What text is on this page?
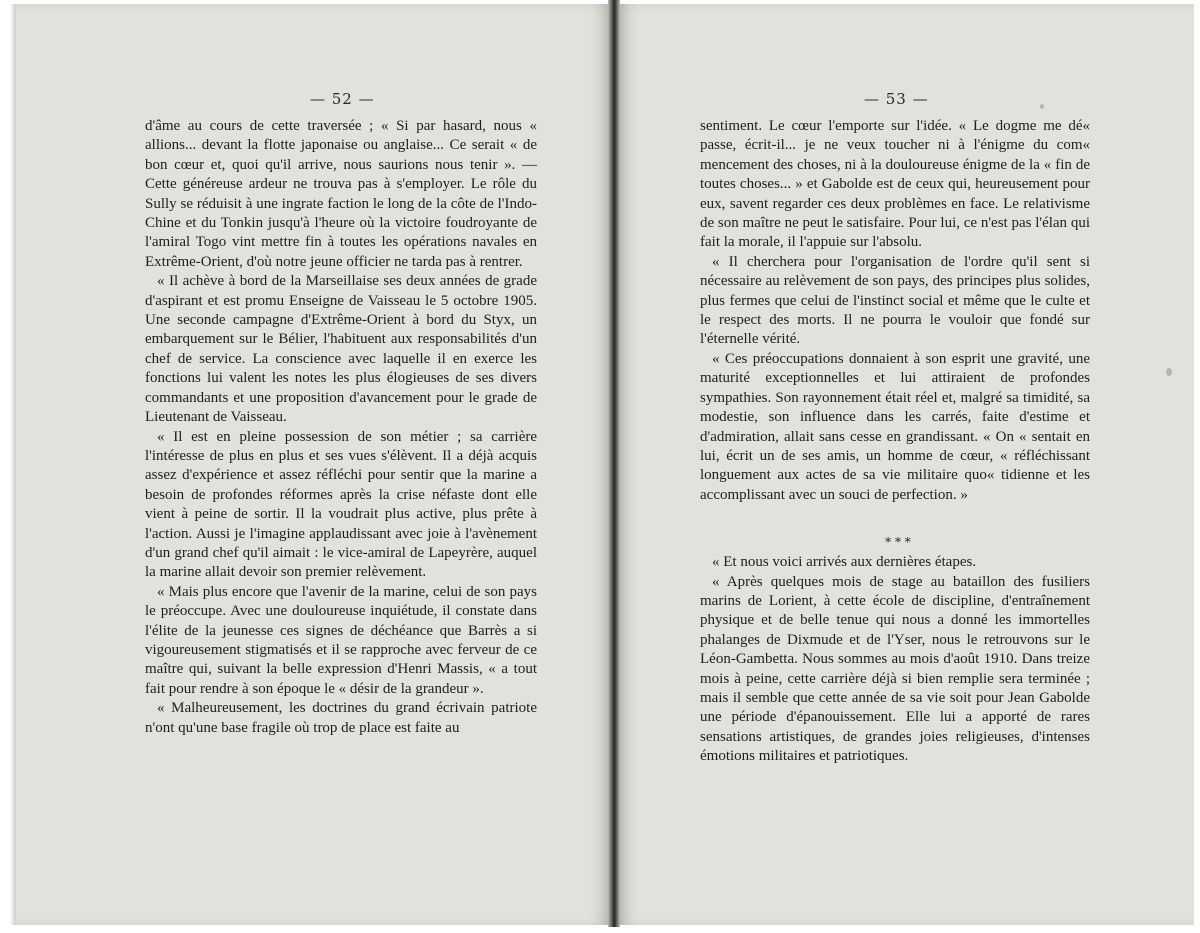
— 52 —	— 53 —

d'âme au cours de cette traversée ; « Si par hasard, nous « allions... devant la flotte japonaise ou anglaise... Ce serait « de bon cœur et, quoi qu'il arrive, nous saurions nous tenir ». — Cette généreuse ardeur ne trouva pas à s'employer. Le rôle du Sully se réduisit à une ingrate faction le long de la côte de l'Indo-Chine et du Tonkin jusqu'à l'heure où la victoire foudroyante de l'amiral Togo vint mettre fin à toutes les opérations navales en Extrême-Orient, d'où notre jeune officier ne tarda pas à rentrer.

« Il achève à bord de la Marseillaise ses deux années de grade d'aspirant et est promu Enseigne de Vaisseau le 5 octobre 1905. Une seconde campagne d'Extrême-Orient à bord du Styx, un embarquement sur le Bélier, l'habituent aux responsabilités d'un chef de service. La conscience avec laquelle il en exerce les fonctions lui valent les notes les plus élogieuses de ses divers commandants et une proposition d'avancement pour le grade de Lieutenant de Vaisseau.

« Il est en pleine possession de son métier ; sa carrière l'intéresse de plus en plus et ses vues s'élèvent. Il a déjà acquis assez d'expérience et assez réfléchi pour sentir que la marine a besoin de profondes réformes après la crise néfaste dont elle vient à peine de sortir. Il la voudrait plus active, plus prête à l'action. Aussi je l'imagine applaudissant avec joie à l'avènement d'un grand chef qu'il aimait : le vice-amiral de Lapeyrère, auquel la marine allait devoir son premier relèvement.

« Mais plus encore que l'avenir de la marine, celui de son pays le préoccupe. Avec une douloureuse inquiétude, il constate dans l'élite de la jeunesse ces signes de déchéance que Barrès a si vigoureusement stigmatisés et il se rapproche avec ferveur de ce maître qui, suivant la belle expression d'Henri Massis, « a tout fait pour rendre à son époque le « désir de la grandeur ».

« Malheureusement, les doctrines du grand écrivain patriote n'ont qu'une base fragile où trop de place est faite au

sentiment. Le cœur l'emporte sur l'idée. « Le dogme me dé« passe, écrit-il... je ne veux toucher ni à l'énigme du com« mencement des choses, ni à la douloureuse énigme de la « fin de toutes choses... » et Gabolde est de ceux qui, heureusement pour eux, savent regarder ces deux problèmes en face. Le relativisme de son maître ne peut le satisfaire. Pour lui, ce n'est pas l'élan qui fait la morale, il l'appuie sur l'absolu.

« Il cherchera pour l'organisation de l'ordre qu'il sent si nécessaire au relèvement de son pays, des principes plus solides, plus fermes que celui de l'instinct social et même que le culte et le respect des morts. Il ne pourra le vouloir que fondé sur l'éternelle vérité.

« Ces préoccupations donnaient à son esprit une gravité, une maturité exceptionnelles et lui attiraient de profondes sympathies. Son rayonnement était réel et, malgré sa timidité, sa modestie, son influence dans les carrés, faite d'estime et d'admiration, allait sans cesse en grandissant. « On « sentait en lui, écrit un de ses amis, un homme de cœur, « réfléchissant longuement aux actes de sa vie militaire quo« tidienne et les accomplissant avec un souci de perfection. »

« Et nous voici arrivés aux dernières étapes.

« Après quelques mois de stage au bataillon des fusiliers marins de Lorient, à cette école de discipline, d'entraînement physique et de belle tenue qui nous a donné les immortelles phalanges de Dixmude et de l'Yser, nous le retrouvons sur le Léon-Gambetta. Nous sommes au mois d'août 1910. Dans treize mois à peine, cette carrière déjà si bien remplie sera terminée ; mais il semble que cette année de sa vie soit pour Jean Gabolde une période d'épanouissement. Elle lui a apporté de rares sensations artistiques, de grandes joies religieuses, d'intenses émotions militaires et patriotiques.

* * *
